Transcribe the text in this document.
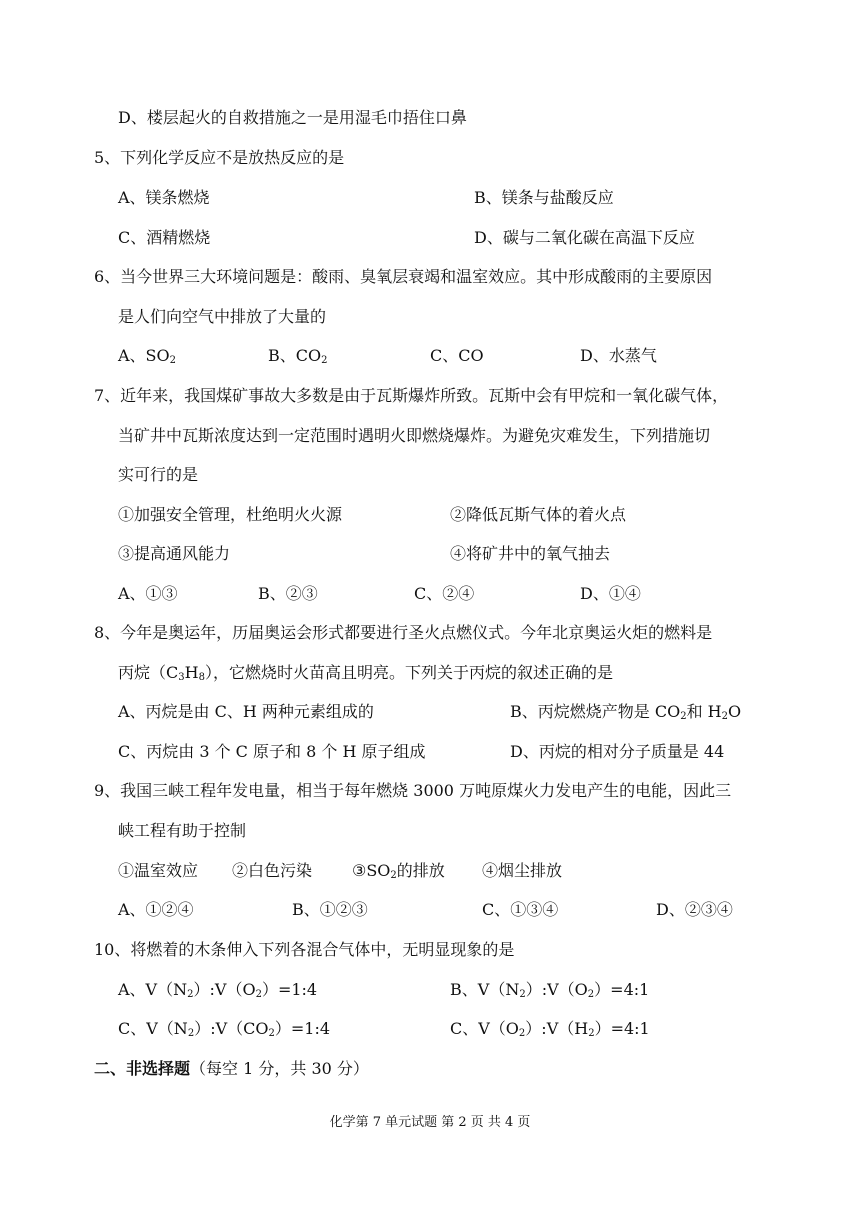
D、楼层起火的自救措施之一是用湿毛巾捂住口鼻
5、下列化学反应不是放热反应的是
A、镁条燃烧	B、镁条与盐酸反应
C、酒精燃烧	D、碳与二氧化碳在高温下反应
6、当今世界三大环境问题是：酸雨、臭氧层衰竭和温室效应。其中形成酸雨的主要原因
是人们向空气中排放了大量的
A、$SO_2$	B、$CO_2$	C、CO	D、水蒸气
7、近年来，我国煤矿事故大多数是由于瓦斯爆炸所致。瓦斯中会有甲烷和一氧化碳气体，
当矿井中瓦斯浓度达到一定范围时遇明火即燃烧爆炸。为避免灾难发生，下列措施切
实可行的是
①加强安全管理，杜绝明火火源	②降低瓦斯气体的着火点
③提高通风能力	④将矿井中的氧气抽去
A、①③	B、②③	C、②④	D、①④
8、今年是奥运年，历届奥运会形式都要进行圣火点燃仪式。今年北京奥运火炬的燃料是
丙烷$(C_3H_8)$，它燃烧时火苗高且明亮。下列关于丙烷的叙述正确的是
A、丙烷是由 C、H 两种元素组成的	B、丙烷燃烧产物是 $CO_2$和 $H_2O$
C、丙烷由 3 个 C 原子和 8 个 H 原子组成	D、丙烷的相对分子质量是 44
9、我国三峡工程年发电量，相当于每年燃烧 3000 万吨原煤火力发电产生的电能，因此三
峡工程有助于控制
①温室效应 ②白色污染 $③SO_2$的排放 ④烟尘排放
A、①②④	B、①②③	C、①③④	D、②③④
10、将燃着的木条伸入下列各混合气体中，无明显现象的是
A、$V(N_2):V(O_2)=1:4$	B、$V(N_2):V(O_2)=4:1$
C、$V(N_2):V(CO_2)=1:4$	C、$V(O_2):V(H_2)=4:1$
二、非选择题（每空 1 分，共 30 分）
化学第 7 单元试题 第 2 页 共 4 页
